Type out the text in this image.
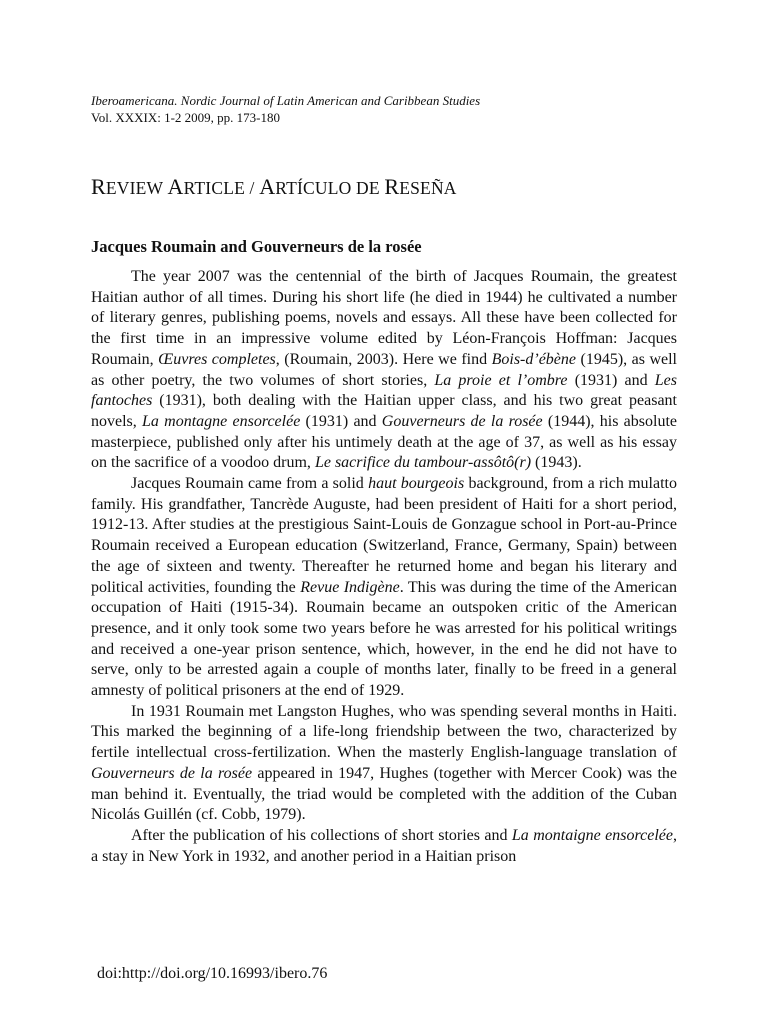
Iberoamericana. Nordic Journal of Latin American and Caribbean Studies
Vol. XXXIX: 1-2 2009, pp. 173-180
REVIEW ARTICLE / ARTÍCULO DE RESEÑA
Jacques Roumain and Gouverneurs de la rosée

The year 2007 was the centennial of the birth of Jacques Roumain, the greatest Haitian author of all times. During his short life (he died in 1944) he cultivated a number of literary genres, publishing poems, novels and essays. All these have been collected for the first time in an impressive volume edited by Léon-François Hoffman: Jacques Roumain, Œuvres completes, (Roumain, 2003). Here we find Bois-d’ébène (1945), as well as other poetry, the two volumes of short stories, La proie et l’ombre (1931) and Les fantoches (1931), both dealing with the Haitian upper class, and his two great peasant novels, La montagne ensorcelée (1931) and Gouverneurs de la rosée (1944), his absolute masterpiece, published only after his untimely death at the age of 37, as well as his essay on the sacrifice of a voodoo drum, Le sacrifice du tambour-assôtô(r) (1943).

Jacques Roumain came from a solid haut bourgeois background, from a rich mulatto family. His grandfather, Tancrède Auguste, had been president of Haiti for a short period, 1912-13. After studies at the prestigious Saint-Louis de Gonzague school in Port-au-Prince Roumain received a European education (Switzerland, France, Germany, Spain) between the age of sixteen and twenty. Thereafter he returned home and began his literary and political activities, founding the Revue Indigène. This was during the time of the American occupation of Haiti (1915-34). Roumain became an outspoken critic of the American presence, and it only took some two years before he was arrested for his political writings and received a one-year prison sentence, which, however, in the end he did not have to serve, only to be arrested again a couple of months later, finally to be freed in a general amnesty of political prisoners at the end of 1929.

In 1931 Roumain met Langston Hughes, who was spending several months in Haiti. This marked the beginning of a life-long friendship between the two, characterized by fertile intellectual cross-fertilization. When the masterly English-language translation of Gouverneurs de la rosée appeared in 1947, Hughes (together with Mercer Cook) was the man behind it. Eventually, the triad would be completed with the addition of the Cuban Nicolás Guillén (cf. Cobb, 1979).

After the publication of his collections of short stories and La montaigne ensorcelée, a stay in New York in 1932, and another period in a Haitian prison

doi:http://doi.org/10.16993/ibero.76
